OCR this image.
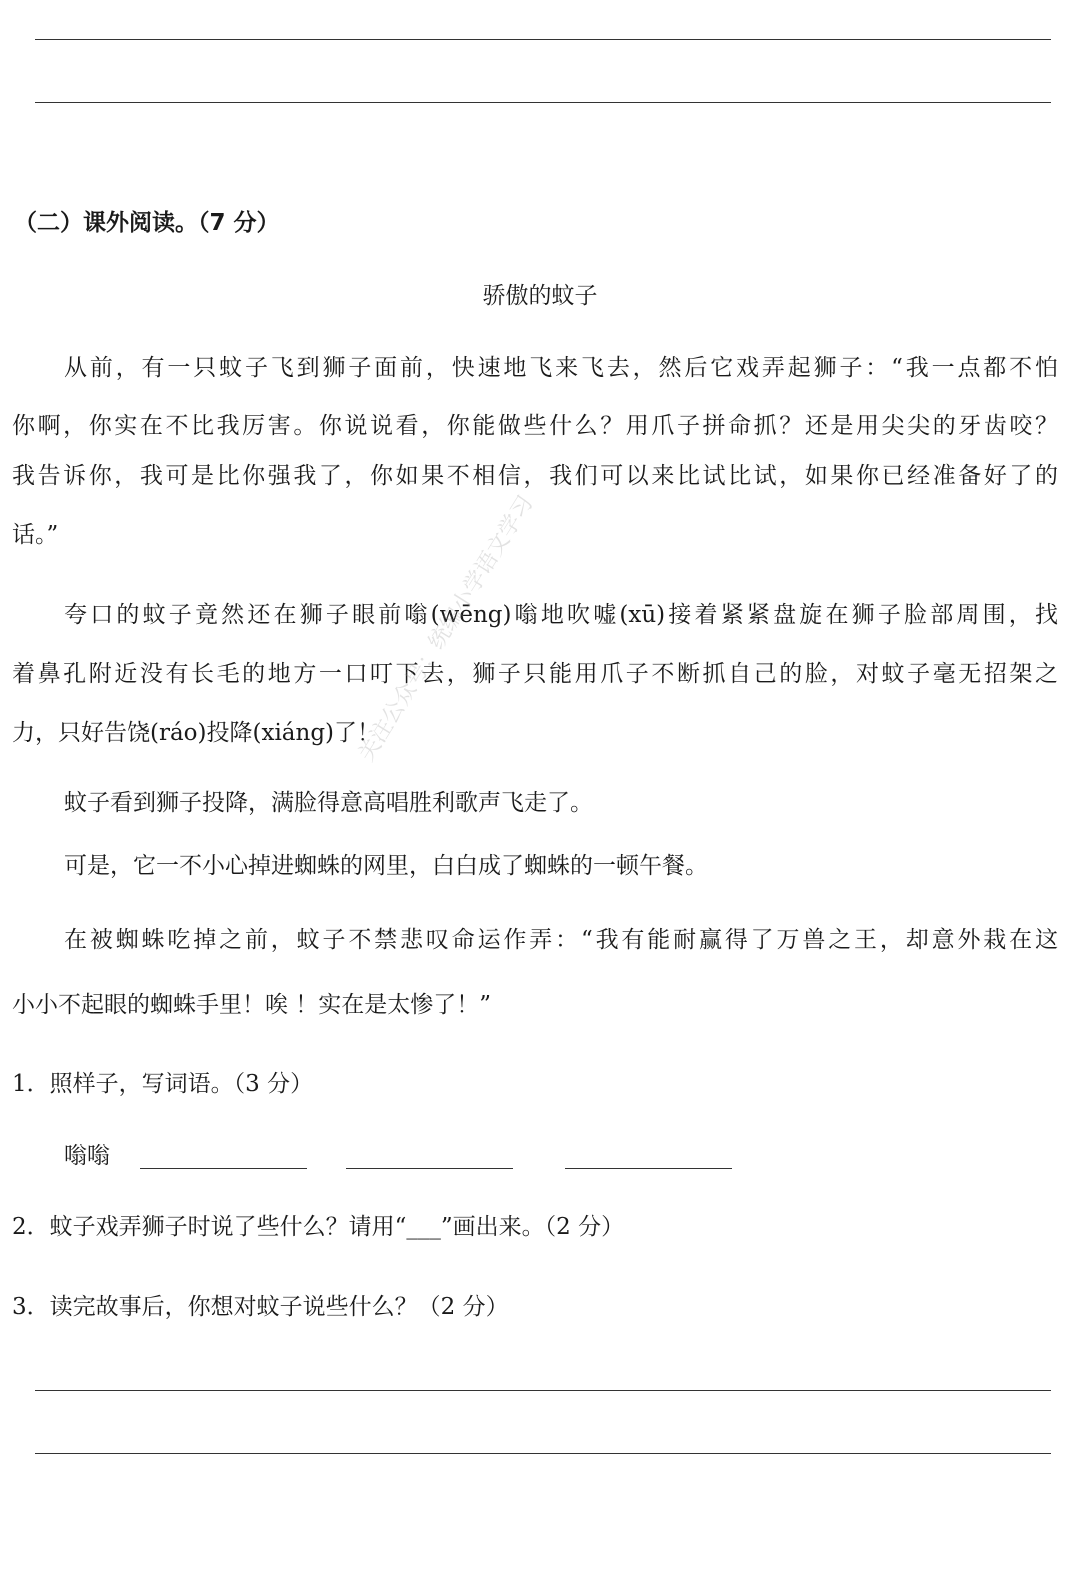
（二）课外阅读。（7 分）
骄傲的蚊子
从前，有一只蚊子飞到狮子面前，快速地飞来飞去，然后它戏弄起狮子：“我一点都不怕
你啊，你实在不比我厉害。你说说看，你能做些什么？用爪子拼命抓？还是用尖尖的牙齿咬？
我告诉你，我可是比你强我了，你如果不相信，我们可以来比试比试，如果你已经准备好了的
话。”
夸口的蚊子竟然还在狮子眼前嗡(wēng)嗡地吹嘘(xū)接着紧紧盘旋在狮子脸部周围，找
着鼻孔附近没有长毛的地方一口叮下去，狮子只能用爪子不断抓自己的脸，对蚊子毫无招架之
力，只好告饶(ráo)投降(xiáng)了！
蚊子看到狮子投降，满脸得意高唱胜利歌声飞走了。
可是，它一不小心掉进蜘蛛的网里，白白成了蜘蛛的一顿午餐。
在被蜘蛛吃掉之前，蚊子不禁悲叹命运作弄：“我有能耐赢得了万兽之王，却意外栽在这
小小不起眼的蜘蛛手里！唉 ！实在是太惨了！”
1．照样子，写词语。（3 分）
嗡嗡
2．蚊子戏弄狮子时说了些什么？请用“___”画出来。（2 分）
3．读完故事后，你想对蚊子说些什么？（2 分）
关注公众号：统编小学语文学习
